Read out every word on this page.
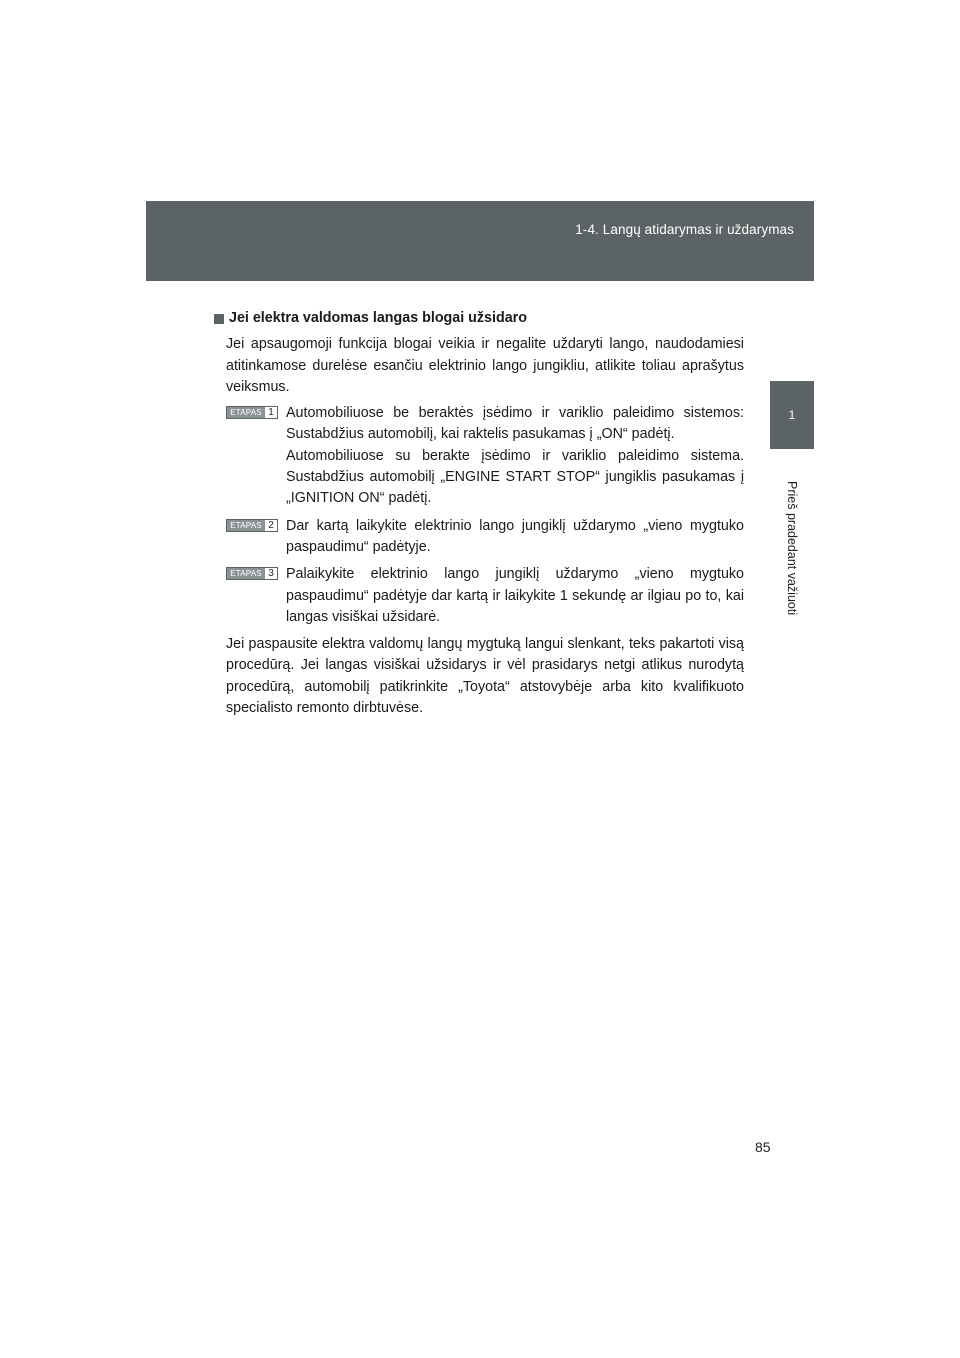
1-4. Langų atidarymas ir uždarymas
1
Prieš pradedant važiuoti
Jei elektra valdomas langas blogai užsidaro

Jei apsaugomoji funkcija blogai veikia ir negalite uždaryti lango, naudodamiesi atitinkamose durelėse esančiu elektrinio lango jungikliu, atlikite toliau aprašytus veiksmus.

ETAPAS 1 Automobiliuose be beraktės įsėdimo ir variklio paleidimo sistemos: Sustabdžius automobilį, kai raktelis pasukamas į „ON“ padėtį.

Automobiliuose su berakte įsėdimo ir variklio paleidimo sistema. Sustabdžius automobilį „ENGINE START STOP“ jungiklis pasukamas į „IGNITION ON“ padėtį.

ETAPAS 2 Dar kartą laikykite elektrinio lango jungiklį uždarymo „vieno mygtuko paspaudimu“ padėtyje.

ETAPAS 3 Palaikykite elektrinio lango jungiklį uždarymo „vieno mygtuko paspaudimu“ padėtyje dar kartą ir laikykite 1 sekundę ar ilgiau po to, kai langas visiškai užsidarė.

Jei paspausite elektra valdomų langų mygtuką langui slenkant, teks pakartoti visą procedūrą. Jei langas visiškai užsidarys ir vėl prasidarys netgi atlikus nurodytą procedūrą, automobilį patikrinkite „Toyota“ atstovybėje arba kito kvalifikuoto specialisto remonto dirbtuvėse.

85
